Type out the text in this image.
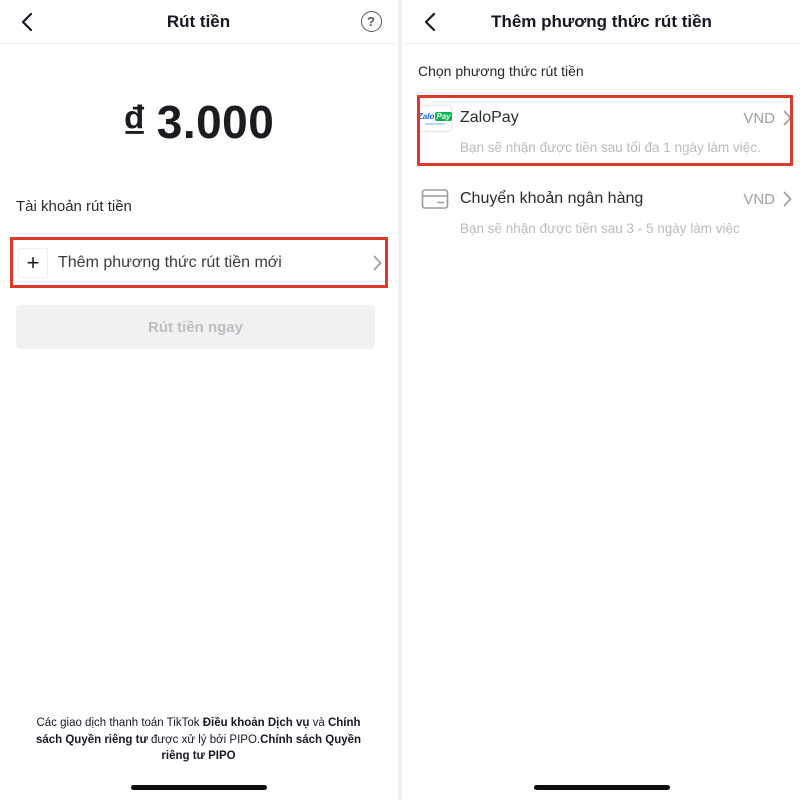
Rút tiền	?
₫ 3.000
Tài khoản rút tiền
+	Thêm phương thức rút tiền mới
Rút tiền ngay
Các giao dịch thanh toán TikTok Điều khoản Dịch vụ và Chính sách Quyền riêng tư được xử lý bởi PIPO.Chính sách Quyền riêng tư PIPO
Thêm phương thức rút tiền
Chọn phương thức rút tiền
Zalo Pay ZaloPay	VND
Bạn sẽ nhận được tiền sau tối đa 1 ngày làm việc.
Chuyển khoản ngân hàng	VND
Bạn sẽ nhận được tiền sau 3 - 5 ngày làm việc
